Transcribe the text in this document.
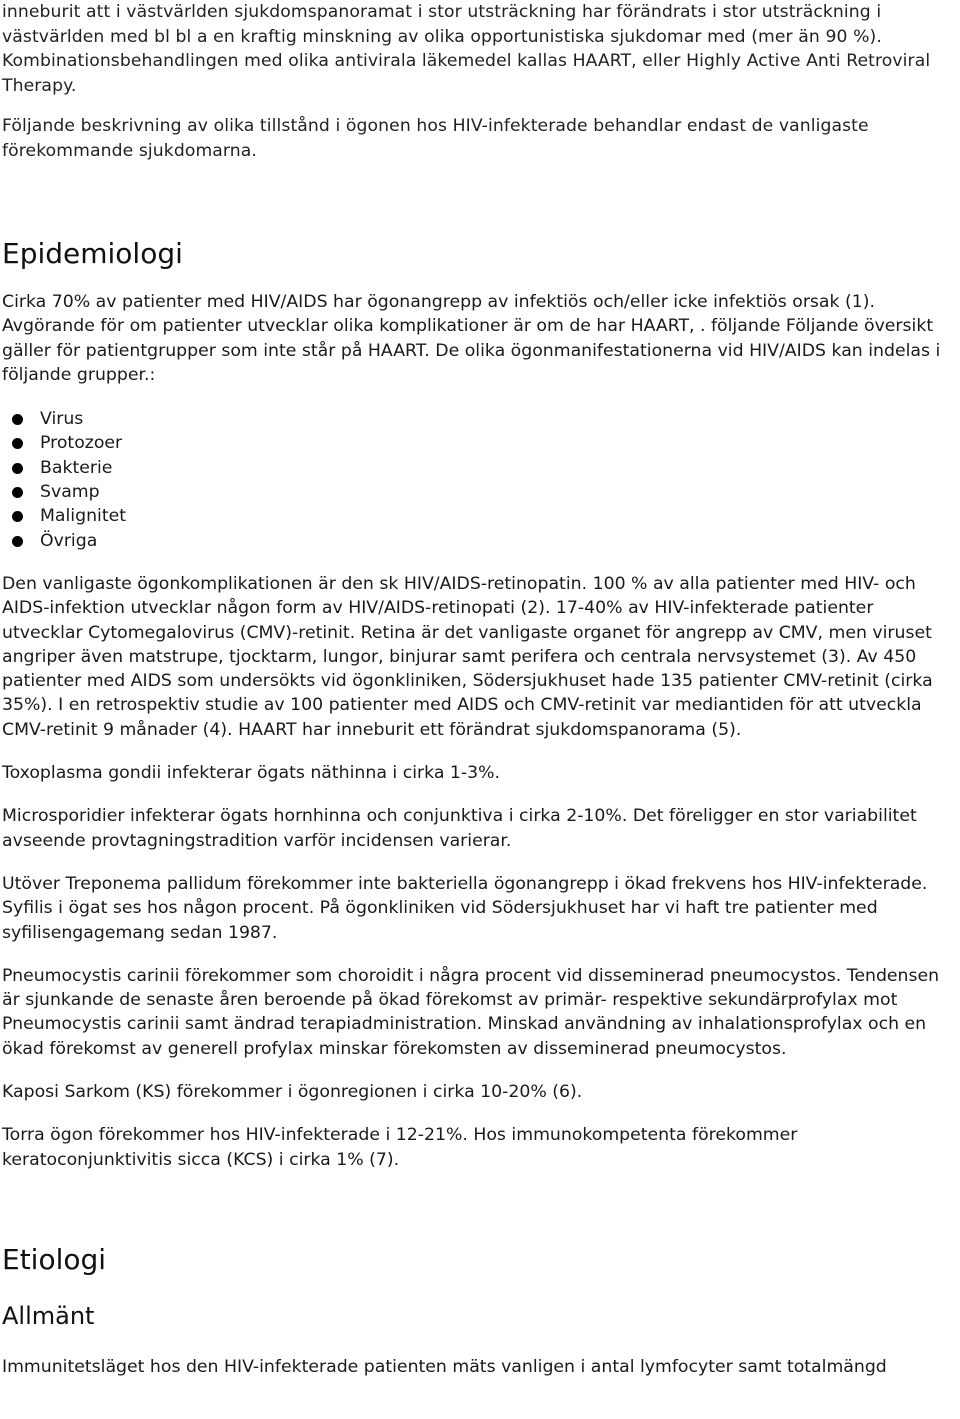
inneburit att i västvärlden sjukdomspanoramat i stor utsträckning har förändrats i stor utsträckning i västvärlden med bl bl a en kraftig minskning av olika opportunistiska sjukdomar med (mer än 90 %). Kombinationsbehandlingen med olika antivirala läkemedel kallas HAART, eller Highly Active Anti Retroviral Therapy.

Följande beskrivning av olika tillstånd i ögonen hos HIV-infekterade behandlar endast de vanligaste förekommande sjukdomarna.

Epidemiologi

Cirka 70% av patienter med HIV/AIDS har ögonangrepp av infektiös och/eller icke infektiös orsak (1). Avgörande för om patienter utvecklar olika komplikationer är om de har HAART, . följande Följande översikt gäller för patientgrupper som inte står på HAART. De olika ögonmanifestationerna vid HIV/AIDS kan indelas i följande grupper.:

Virus
Protozoer
Bakterie
Svamp
Malignitet
Övriga

Den vanligaste ögonkomplikationen är den sk HIV/AIDS-retinopatin. 100 % av alla patienter med HIV- och AIDS-infektion utvecklar någon form av HIV/AIDS-retinopati (2). 17-40% av HIV-infekterade patienter utvecklar Cytomegalovirus (CMV)-retinit. Retina är det vanligaste organet för angrepp av CMV, men viruset angriper även matstrupe, tjocktarm, lungor, binjurar samt perifera och centrala nervsystemet (3). Av 450 patienter med AIDS som undersökts vid ögonkliniken, Södersjukhuset hade 135 patienter CMV-retinit (cirka 35%). I en retrospektiv studie av 100 patienter med AIDS och CMV-retinit var mediantiden för att utveckla CMV-retinit 9 månader (4). HAART har inneburit ett förändrat sjukdomspanorama (5).

Toxoplasma gondii infekterar ögats näthinna i cirka 1-3%.

Microsporidier infekterar ögats hornhinna och conjunktiva i cirka 2-10%. Det föreligger en stor variabilitet avseende provtagningstradition varför incidensen varierar.

Utöver Treponema pallidum förekommer inte bakteriella ögonangrepp i ökad frekvens hos HIV-infekterade. Syfilis i ögat ses hos någon procent. På ögonkliniken vid Södersjukhuset har vi haft tre patienter med syfilisengagemang sedan 1987.

Pneumocystis carinii förekommer som choroidit i några procent vid disseminerad pneumocystos. Tendensen är sjunkande de senaste åren beroende på ökad förekomst av primär- respektive sekundärprofylax mot Pneumocystis carinii samt ändrad terapiadministration. Minskad användning av inhalationsprofylax och en ökad förekomst av generell profylax minskar förekomsten av disseminerad pneumocystos.

Kaposi Sarkom (KS) förekommer i ögonregionen i cirka 10-20% (6).

Torra ögon förekommer hos HIV-infekterade i 12-21%. Hos immunokompetenta förekommer keratoconjunktivitis sicca (KCS) i cirka 1% (7).

Etiologi
Allmänt

Immunitetsläget hos den HIV-infekterade patienten mäts vanligen i antal lymfocyter samt totalmängd
